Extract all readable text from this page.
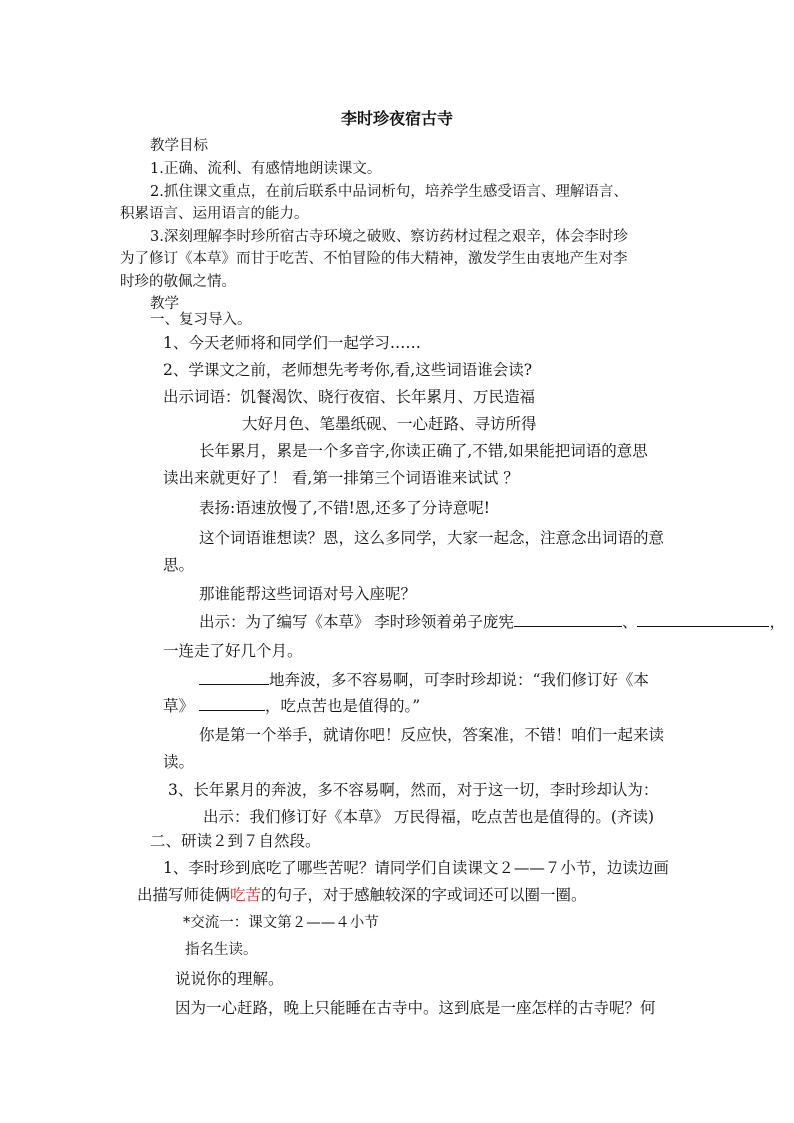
李时珍夜宿古寺
教学目标
1.正确、流利、有感情地朗读课文。
2.抓住课文重点，在前后联系中品词析句，培养学生感受语言、理解语言、
积累语言、运用语言的能力。
3.深刻理解李时珍所宿古寺环境之破败、察访药材过程之艰辛，体会李时珍
为了修订《本草》而甘于吃苦、不怕冒险的伟大精神，激发学生由衷地产生对李
时珍的敬佩之情。
教学
一、复习导入。
1、今天老师将和同学们一起学习……
2、学课文之前，老师想先考考你,看,这些词语谁会读?
出示词语：饥餐渴饮、晓行夜宿、长年累月、万民造福
大好月色、笔墨纸砚、一心赶路、寻访所得
长年累月，累是一个多音字,你读正确了,不错,如果能把词语的意思
读出来就更好了！ 看,第一排第三个词语谁来试试 ？
表扬:语速放慢了,不错!恩,还多了分诗意呢!
这个词语谁想读？恩，这么多同学，大家一起念，注意念出词语的意
思。
那谁能帮这些词语对号入座呢？
出示：为了编写《本草》 李时珍领着弟子庞宪	、	，
一连走了好几个月。
地奔波，多不容易啊，可李时珍却说：“我们修订好《本
草》	，吃点苦也是值得的。”
你是第一个举手，就请你吧！反应快，答案准，不错！咱们一起来读
读。
3、长年累月的奔波，多不容易啊，然而，对于这一切，李时珍却认为：
出示：我们修订好《本草》 万民得福，吃点苦也是值得的。(齐读)
二、研读２到７自然段。
1、李时珍到底吃了哪些苦呢？请同学们自读课文２——７小节，边读边画
出描写师徒俩吃苦的句子，对于感触较深的字或词还可以圈一圈。
*交流一：课文第２——４小节
指名生读。
说说你的理解。
因为一心赶路，晚上只能睡在古寺中。这到底是一座怎样的古寺呢？何
